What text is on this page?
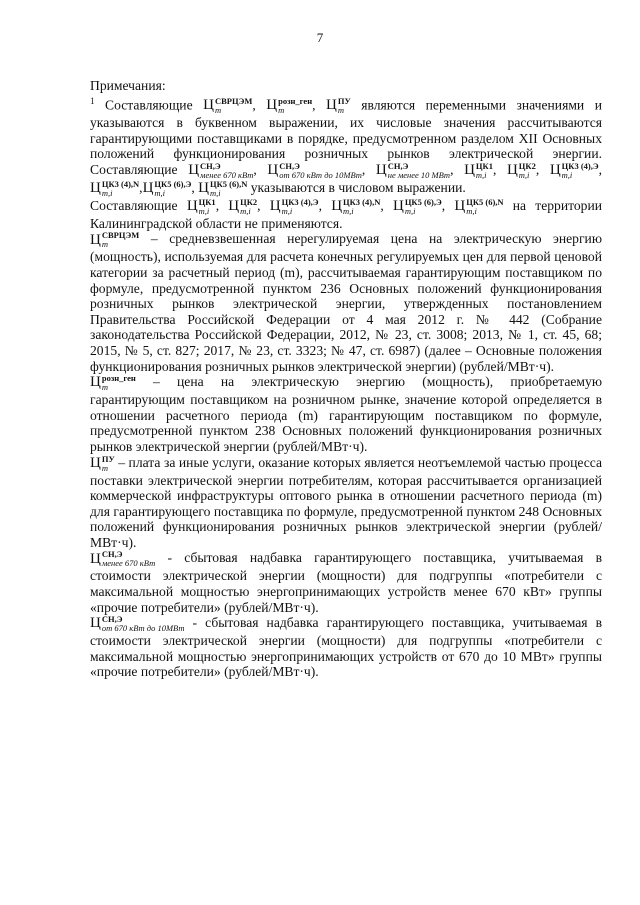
7

Примечания:

$^1$ Составляющие Ц СВРЦЭМ
m	, Ц розн_ген
m	, Ц ПУ
m	являются переменными значениями и указываются в буквенном выражении, их числовые значения рассчитываются гарантирующими поставщиками в порядке, предусмотренном разделом XII Основных положений функционирования розничных рынков электрической энергии. Составляющие Ц СН,Э
менее 670 кВт , Ц СН,Э
от 670 кВт до 10МВт , Ц СН,Э
не менее 10 МВт , Ц ЦК1
m,i , Ц ЦК2
m,i , Ц ЦК3 (4),Э
m,i	, Ц ЦК3 (4),N
m,i	,Ц ЦК5 (6),Э
m,i	, Ц ЦК5 (6),N
m,i	указываются в числовом выражении.

Составляющие Ц ЦК1
m,i , Ц ЦК2
m,i , Ц ЦК3 (4),Э
m,i	, Ц ЦК3 (4),N
m,i	, Ц ЦК5 (6),Э
m,i	, Ц ЦК5 (6),N
m,i	на территории Калининградской области не применяются.

Ц СВРЦЭМ
m	– средневзвешенная нерегулируемая цена на электрическую энергию (мощность), используемая для расчета конечных регулируемых цен для первой ценовой категории за расчетный период (m), рассчитываемая гарантирующим поставщиком по формуле, предусмотренной пунктом 236 Основных положений функционирования розничных рынков электрической энергии, утвержденных постановлением Правительства Российской Федерации от 4 мая 2012 г. № 442 (Собрание законодательства Российской Федерации, 2012, № 23, ст. 3008; 2013, № 1, ст. 45, 68; 2015, № 5, ст. 827; 2017, № 23, ст. 3323; № 47, ст. 6987) (далее – Основные положения функционирования розничных рынков электрической энергии) (рублей/МВт·ч).

Ц розн_ген
m	– цена на электрическую энергию (мощность), приобретаемую гарантирующим поставщиком на розничном рынке, значение которой определяется в отношении расчетного периода (m) гарантирующим поставщиком по формуле, предусмотренной пунктом 238 Основных положений функционирования розничных рынков электрической энергии (рублей/МВт·ч).

Ц ПУ
m – плата за иные услуги, оказание которых является неотъемлемой частью процесса поставки электрической энергии потребителям, которая рассчитывается организацией коммерческой инфраструктуры оптового рынка в отношении расчетного периода (m) для гарантирующего поставщика по формуле, предусмотренной пунктом 248 Основных положений функционирования розничных рынков электрической энергии (рублей/МВт·ч).

Ц СН,Э
менее 670 кВт - сбытовая надбавка гарантирующего поставщика, учитываемая в стоимости электрической энергии (мощности) для подгруппы «потребители с максимальной мощностью энергопринимающих устройств менее 670 кВт» группы «прочие потребители» (рублей/МВт·ч).

Ц СН,Э
от 670 кВт до 10МВт - сбытовая надбавка гарантирующего поставщика, учитываемая в стоимости электрической энергии (мощности) для подгруппы «потребители с максимальной мощностью энергопринимающих устройств от 670 до 10 МВт» группы «прочие потребители» (рублей/МВт·ч).
